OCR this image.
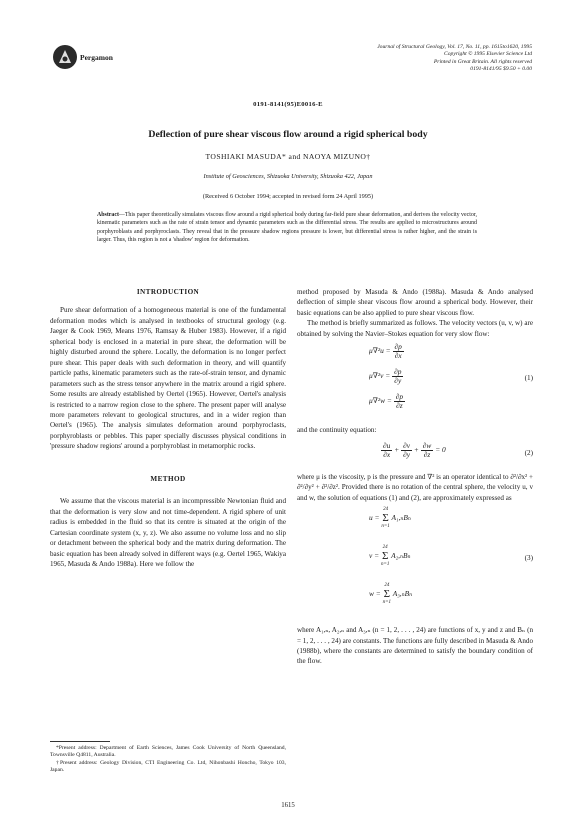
Pergamon
Journal of Structural Geology, Vol. 17, No. 11, pp. 1615to1620, 1995
Copyright © 1995 Elsevier Science Ltd
Printed in Great Britain. All rights reserved
0191-8141/95 $9.50 + 0.00
0191-8141(95)E0016-E
Deflection of pure shear viscous flow around a rigid spherical body
TOSHIAKI MASUDA* and NAOYA MIZUNO†
Institute of Geosciences, Shizuoka University, Shizuoka 422, Japan
(Received 6 October 1994; accepted in revised form 24 April 1995)
Abstract—This paper theoretically simulates viscous flow around a rigid spherical body during far-field pure shear deformation, and derives the velocity vector, kinematic parameters such as the rate of strain tensor and dynamic parameters such as the differential stress. The results are applied to microstructures around porphyroblasts and porphyroclasts. They reveal that in the pressure shadow regions pressure is lower, but differential stress is rather higher, and the strain is larger. Thus, this region is not a 'shadow' region for deformation.
INTRODUCTION

Pure shear deformation of a homogeneous material is one of the fundamental deformation modes which is analysed in textbooks of structural geology (e.g. Jaeger & Cook 1969, Means 1976, Ramsay & Huber 1983). However, if a rigid spherical body is enclosed in a material in pure shear, the deformation will be highly disturbed around the sphere. Locally, the deformation is no longer perfect pure shear. This paper deals with such deformation in theory, and will quantify particle paths, kinematic parameters such as the rate-of-strain tensor, and dynamic parameters such as the stress tensor anywhere in the matrix around a rigid sphere. Some results are already established by Oertel (1965). However, Oertel's analysis is restricted to a narrow region close to the sphere. The present paper will analyse more parameters relevant to geological structures, and in a wider region than Oertel's (1965). The analysis simulates deformation around porphyroclasts, porphyroblasts or pebbles. This paper specially discusses physical conditions in 'pressure shadow regions' around a porphyroblast in metamorphic rocks.

METHOD

We assume that the viscous material is an incompressible Newtonian fluid and that the deformation is very slow and not time-dependent. A rigid sphere of unit radius is embedded in the fluid so that its centre is situated at the origin of the Cartesian coordinate system (x, y, z). We also assume no volume loss and no slip or detachment between the spherical body and the matrix during deformation. The basic equation has been already solved in different ways (e.g. Oertel 1965, Wakiya 1965, Masuda & Ando 1988a). Here we follow the

method proposed by Masuda & Ando (1988a). Masuda & Ando analysed deflection of simple shear viscous flow around a spherical body. However, their basic equations can be also applied to pure shear viscous flow.

The method is briefly summarized as follows. The velocity vectors (u, v, w) are obtained by solving the Navier–Stokes equation for very slow flow:

$\mu\nabla^2u = \frac{\partial p}{\partial x}$
$\mu\nabla^2v = \frac{\partial p}{\partial y}$
$\mu\nabla^2w = \frac{\partial p}{\partial z}$
(1)

and the continuity equation:

$\frac{\partial u}{\partial x} + \frac{\partial v}{\partial y} + \frac{\partial w}{\partial z} = 0$	(2)

where μ is the viscosity, p is the pressure and ∇² is an operator identical to ∂²/∂x² + ∂²/∂y² + ∂²/∂z². Provided there is no rotation of the central sphere, the velocity u, v and w, the solution of equations (1) and (2), are approximately expressed as

u =
24
Σ
n=1
A₁,ₙBₙ
v =
24
Σ
n=1
A₂,ₙBₙ
w =
24
Σ
n=1
A₃,ₙBₙ
(3)

where A₁,ₙ, A₂,ₙ and A₃,ₙ (n = 1, 2, . . . , 24) are functions of x, y and z and Bₙ (n = 1, 2, . . . , 24) are constants. The functions are fully described in Masuda & Ando (1988b), where the constants are determined to satisfy the boundary condition of the flow.

*Present address: Department of Earth Sciences, James Cook University of North Queensland, Townsville Q4811, Australia.

†Present address: Geology Division, CTI Engineering Co. Ltd, Nihonbashi Honcho, Tokyo 103, Japan.

1615
